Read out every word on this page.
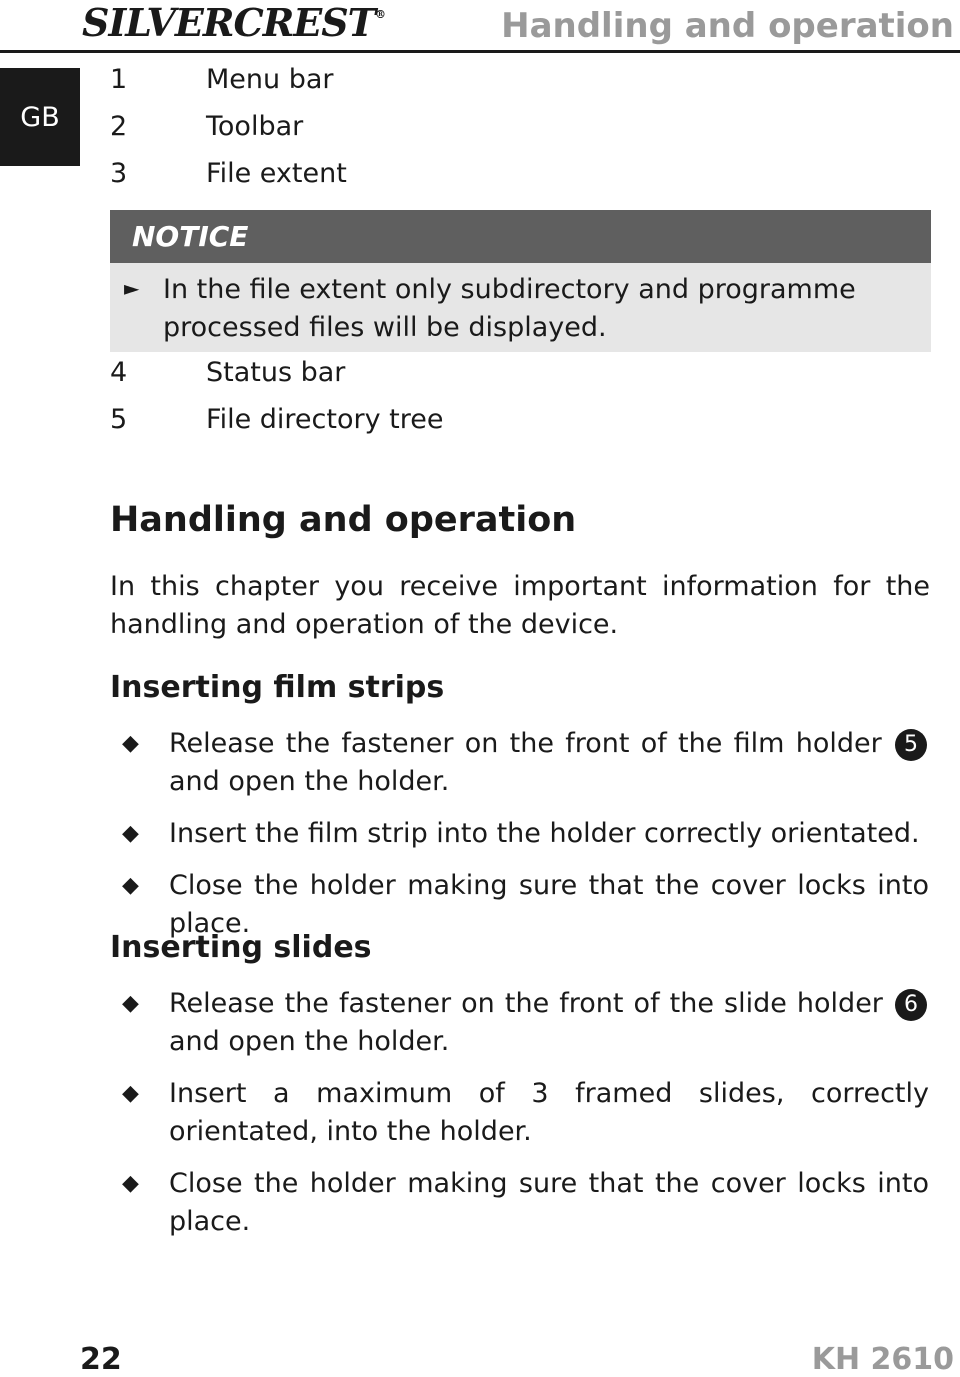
SILVERCREST®	Handling and operation
GB
1	Menu bar
2	Toolbar
3	File extent
NOTICE
► In the file extent only subdirectory and programme processed files will be displayed.
4	Status bar
5	File directory tree
Handling and operation
In this chapter you receive important information for the handling and operation of the device.
Inserting film strips
◆	Release the fastener on the front of the film holder 5 and open the holder.
◆	Insert the film strip into the holder correctly orientated.
◆	Close the holder making sure that the cover locks into place.
Inserting slides
◆	Release the fastener on the front of the slide holder 6 and open the holder.
◆	Insert a maximum of 3 framed slides, correctly orientated, into the holder.
◆	Close the holder making sure that the cover locks into place.
22	KH 2610
